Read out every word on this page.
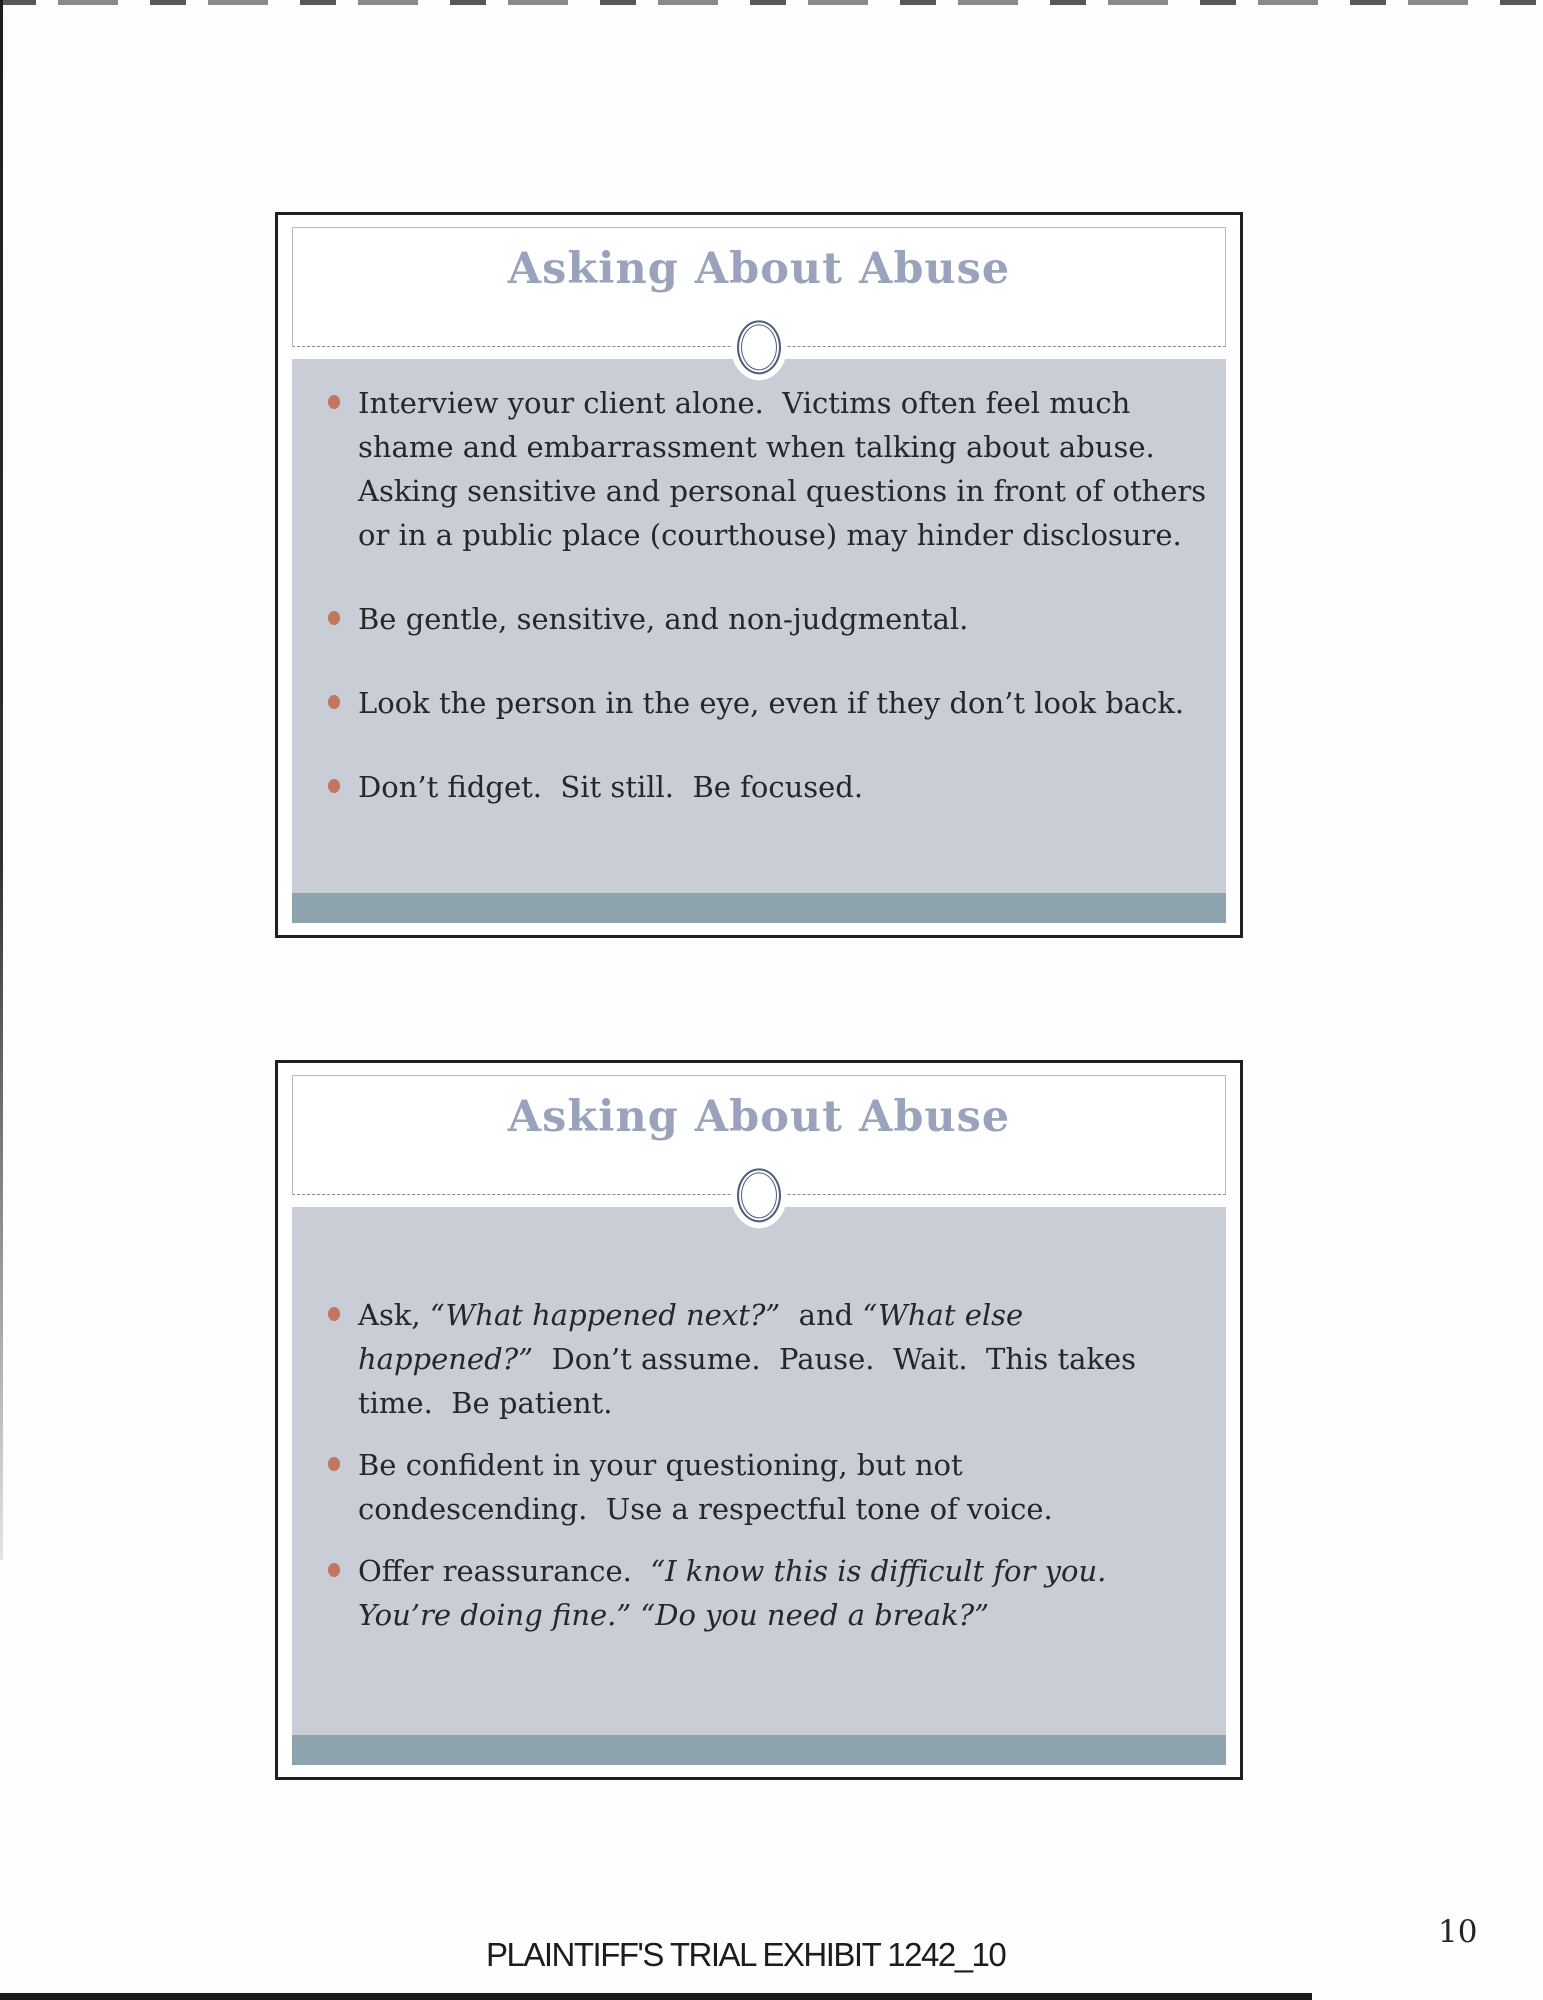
Asking About Abuse
Interview your client alone.  Victims often feel much
shame and embarrassment when talking about abuse.
Asking sensitive and personal questions in front of others
or in a public place (courthouse) may hinder disclosure.
Be gentle, sensitive, and non-judgmental.
Look the person in the eye, even if they don’t look back.
Don’t fidget.  Sit still.  Be focused.
Asking About Abuse
Ask, “What happened next?”  and “What else
happened?”  Don’t assume.  Pause.  Wait.  This takes
time.  Be patient.
Be confident in your questioning, but not
condescending.  Use a respectful tone of voice.
Offer reassurance.  “I know this is difficult for you.
You’re doing fine.” “Do you need a break?”
PLAINTIFF'S TRIAL EXHIBIT 1242_10
10
